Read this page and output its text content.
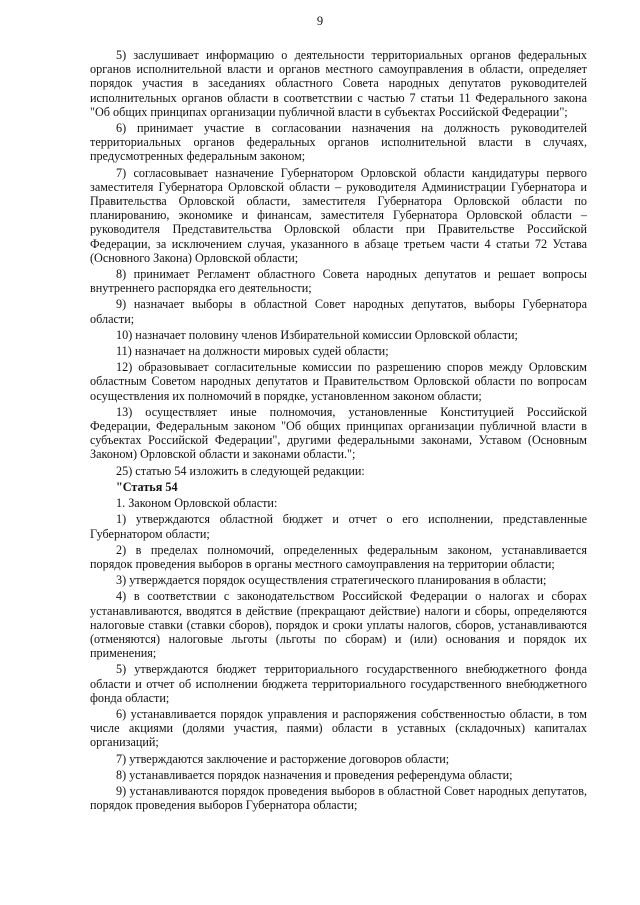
9

5) заслушивает информацию о деятельности территориальных органов федеральных органов исполнительной власти и органов местного самоуправления в области, определяет порядок участия в заседаниях областного Совета народных депутатов руководителей исполнительных органов области в соответствии с частью 7 статьи 11 Федерального закона "Об общих принципах организации публичной власти в субъектах Российской Федерации";

6) принимает участие в согласовании назначения на должность руководителей территориальных органов федеральных органов исполнительной власти в случаях, предусмотренных федеральным законом;

7) согласовывает назначение Губернатором Орловской области кандидатуры первого заместителя Губернатора Орловской области – руководителя Администрации Губернатора и Правительства Орловской области, заместителя Губернатора Орловской области по планированию, экономике и финансам, заместителя Губернатора Орловской области – руководителя Представительства Орловской области при Правительстве Российской Федерации, за исключением случая, указанного в абзаце третьем части 4 статьи 72 Устава (Основного Закона) Орловской области;

8) принимает Регламент областного Совета народных депутатов и решает вопросы внутреннего распорядка его деятельности;

9) назначает выборы в областной Совет народных депутатов, выборы Губернатора области;

10) назначает половину членов Избирательной комиссии Орловской области;

11) назначает на должности мировых судей области;

12) образовывает согласительные комиссии по разрешению споров между Орловским областным Советом народных депутатов и Правительством Орловской области по вопросам осуществления их полномочий в порядке, установленном законом области;

13) осуществляет иные полномочия, установленные Конституцией Российской Федерации, Федеральным законом "Об общих принципах организации публичной власти в субъектах Российской Федерации", другими федеральными законами, Уставом (Основным Законом) Орловской области и законами области.";

25) статью 54 изложить в следующей редакции:

"Статья 54

1. Законом Орловской области:

1) утверждаются областной бюджет и отчет о его исполнении, представленные Губернатором области;

2) в пределах полномочий, определенных федеральным законом, устанавливается порядок проведения выборов в органы местного самоуправления на территории области;

3) утверждается порядок осуществления стратегического планирования в области;

4) в соответствии с законодательством Российской Федерации о налогах и сборах устанавливаются, вводятся в действие (прекращают действие) налоги и сборы, определяются налоговые ставки (ставки сборов), порядок и сроки уплаты налогов, сборов, устанавливаются (отменяются) налоговые льготы (льготы по сборам) и (или) основания и порядок их применения;

5) утверждаются бюджет территориального государственного внебюджетного фонда области и отчет об исполнении бюджета территориального государственного внебюджетного фонда области;

6) устанавливается порядок управления и распоряжения собственностью области, в том числе акциями (долями участия, паями) области в уставных (складочных) капиталах организаций;

7) утверждаются заключение и расторжение договоров области;

8) устанавливается порядок назначения и проведения референдума области;

9) устанавливаются порядок проведения выборов в областной Совет народных депутатов, порядок проведения выборов Губернатора области;
